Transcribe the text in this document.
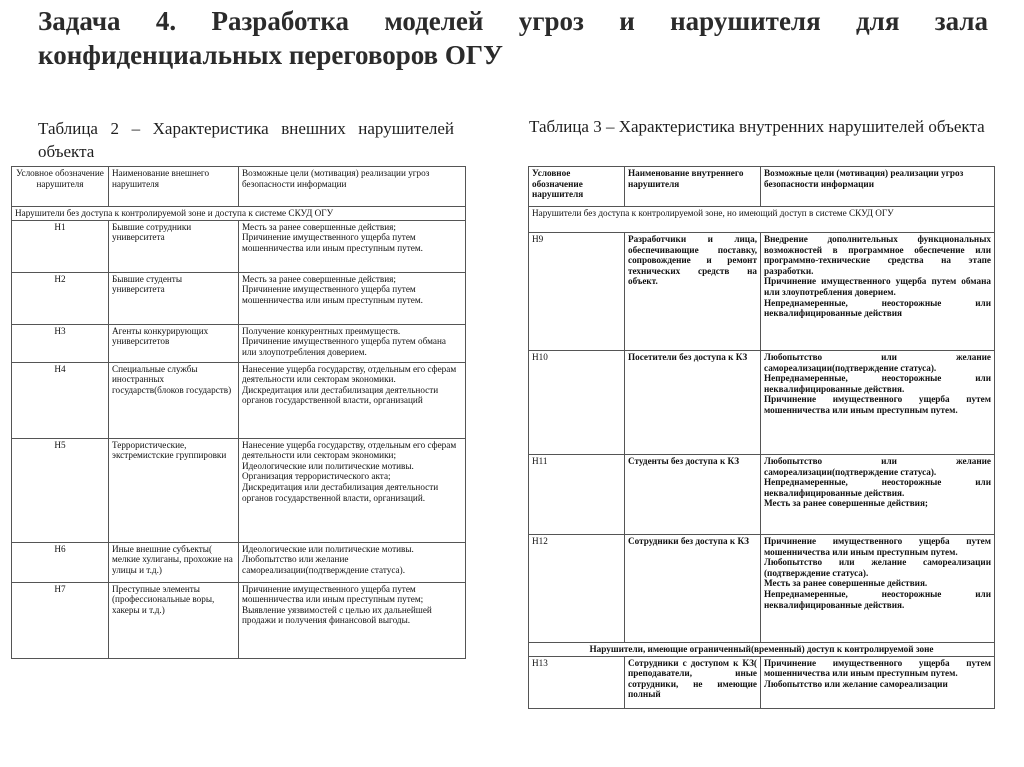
Задача 4. Разработка моделей угроз и нарушителя для зала конфиденциальных переговоров ОГУ
Таблица 2 – Характеристика внешних нарушителей объекта
Таблица 3 – Характеристика внутренних нарушителей объекта
Условное обозначение нарушителя	Наименование внешнего нарушителя	Возможные цели (мотивация) реализации угроз безопасности информации
Нарушители без доступа к контролируемой зоне и доступа к системе СКУД ОГУ		
Н1	Бывшие сотрудники университета	Месть за ранее совершенные действия;
Причинение имущественного ущерба путем мошенничества или иным преступным путем.

Н2	Бывшие студенты университета	Месть за ранее совершенные действия;
Причинение имущественного ущерба путем мошенничества или иным преступным путем.

Н3	Агенты конкурирующих университетов	Получение конкурентных преимуществ.
Причинение имущественного ущерба путем обмана или злоупотребления доверием.

Н4	Специальные службы иностранных государств(блоков государств)	Нанесение ущерба государству, отдельным его сферам деятельности или секторам экономики.
Дискредитация или дестабилизация деятельности органов государственной власти, организаций

Н5	Террористические, экстремистские группировки	Нанесение ущерба государству, отдельным его сферам деятельности или секторам экономики;
Идеологические или политические мотивы.
Организация террористического акта;
Дискредитация или дестабилизация деятельности органов государственной власти, организаций.

Н6	Иные внешние субъекты( мелкие хулиганы, прохожие на улицы и т.д.)	Идеологические или политические мотивы.
Любопытство или желание самореализации(подтверждение статуса).

Н7	Преступные элементы (профессиональные воры, хакеры и т.д.)	Причинение имущественного ущерба путем мошенничества или иным преступным путем;
Выявление уязвимостей с целью их дальнейшей продажи и получения финансовой выгоды.
Условное обозначение нарушителя	Наименование внутреннего нарушителя	Возможные цели (мотивация) реализации угроз безопасности информации
Нарушители без доступа к контролируемой зоне, но имеющий доступ в системе СКУД ОГУ		
Н9	Разработчики и лица, обеспечивающие поставку, сопровождение и ремонт технических средств на объект.	Внедрение дополнительных функциональных возможностей в программное обеспечение или программно-технические средства на этапе разработки.
Причинение имущественного ущерба путем обмана или злоупотребления доверием.
Непреднамеренные, неосторожные или неквалифицированные действия

Н10	Посетители без доступа к КЗ	Любопытство или желание самореализации(подтверждение статуса).
Непреднамеренные, неосторожные или неквалифицированные действия.
Причинение имущественного ущерба путем мошенничества или иным преступным путем.

Н11	Студенты без доступа к КЗ	Любопытство или желание самореализации(подтверждение статуса).
Непреднамеренные, неосторожные или неквалифицированные действия.
Месть за ранее совершенные действия;

Н12	Сотрудники без доступа к КЗ	Причинение имущественного ущерба путем мошенничества или иным преступным путем.
Любопытство или желание самореализации (подтверждение статуса).
Месть за ранее совершенные действия.
Непреднамеренные, неосторожные или неквалифицированные действия.

Нарушители, имеющие ограниченный(временный) доступ к контролируемой зоне		
Н13	Сотрудники с доступом к КЗ( преподаватели, иные сотрудники, не имеющие полный	Причинение имущественного ущерба путем мошенничества или иным преступным путем.
Любопытство или желание самореализации
